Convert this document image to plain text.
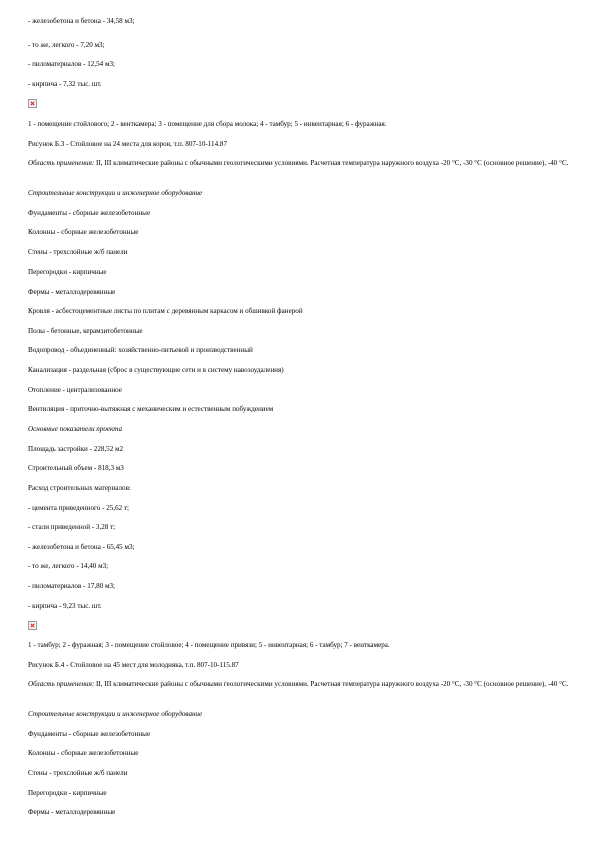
- железобетона и бетона - 34,58 м3;
- то же, легкого - 7,20 м3;
- пиломатериалов - 12,54 м3;
- кирпича - 7,32 тыс. шт.
1 - помещение стойлового; 2 - венткамера; 3 - помещение для сбора молока; 4 - тамбур; 5 - инвентарная; 6 - фуражная.
Рисунок Б.3 - Стойловое на 24 места для коров, т.п. 807-10-114.87
Область применения: II, III климатические районы с обычными геологическими условиями. Расчетная температура наружного воздуха -20 °С, -30 °С (основное решение), -40 °С.
Строительные конструкции и инженерное оборудование
Фундаменты - сборные железобетонные
Колонны - сборные железобетонные
Стены - трехслойные ж/б панели
Перегородки - кирпичные
Фермы - металлодеревянные
Кровля - асбестоцементные листы по плитам с деревянным каркасом и обшивкой фанерой
Полы - бетонные, керамзитобетонные
Водопровод - объединенный: хозяйственно-питьевой и производственный
Канализация - раздельная (сброс в существующие сети и в систему навозоудаления)
Отопление - централизованное
Вентиляция - приточно-вытяжная с механическим и естественным побуждением
Основные показатели проекта
Площадь застройки - 228,52 м2
Строительный объем - 818,3 м3
Расход строительных материалов:
- цемента приведенного - 25,62 т;
- стали приведенной - 3,28 т;
- железобетона и бетона - 65,45 м3;
- то же, легкого - 14,40 м3;
- пиломатериалов - 17,80 м3;
- кирпича - 9,23 тыс. шт.
1 - тамбур; 2 - фуражная; 3 - помещение стойловое; 4 - помещение привязи; 5 - инвентарная; 6 - тамбур; 7 - венткамера.
Рисунок Б.4 - Стойловое на 45 мест для молодняка, т.п. 807-10-115.87
Область применения: II, III климатические районы с обычными геологическими условиями. Расчетная температура наружного воздуха -20 °С, -30 °С (основное решение), -40 °С.
Строительные конструкции и инженерное оборудование
Фундаменты - сборные железобетонные
Колонны - сборные железобетонные
Стены - трехслойные ж/б панели
Перегородки - кирпичные
Фермы - металлодеревянные
